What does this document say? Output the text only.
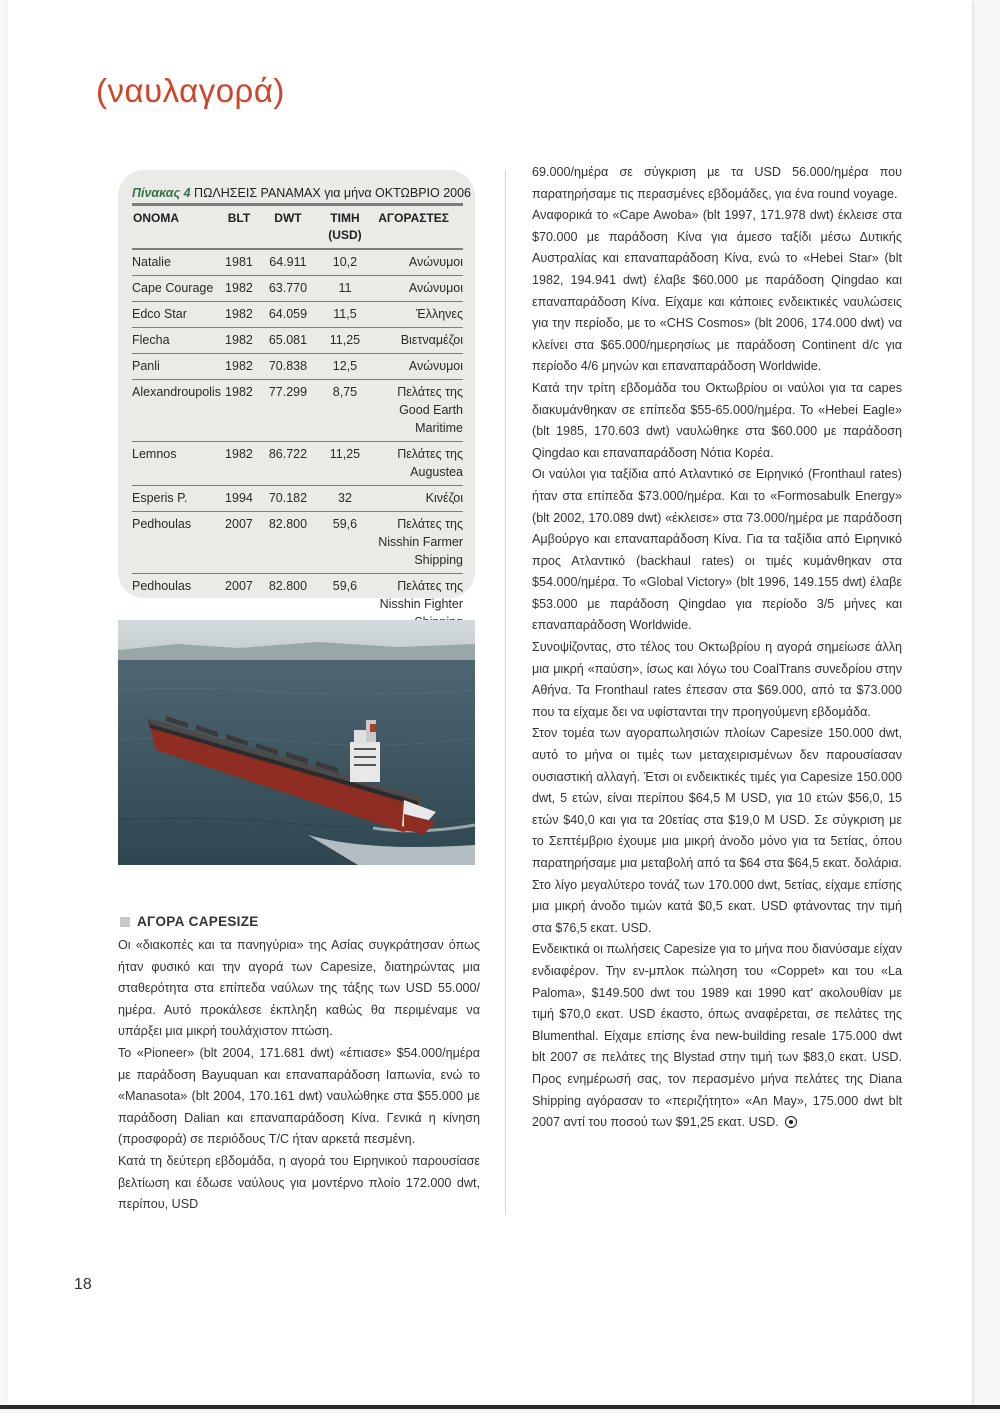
(ναυλαγορά)

Πίνακας 4 ΠΩΛΗΣΕΙΣ PANAMAX για μήνα ΟΚΤΩΒΡΙΟ 2006

ΟΝΟΜΑ	BLT	DWT	ΤΙΜΗ (USD)	ΑΓΟΡΑΣΤΕΣ
Natalie	1981	64.911	10,2	Ανώνυμοι
Cape Courage	1982	63.770	11	Ανώνυμοι
Edco Star	1982	64.059	11,5	Έλληνες
Flecha	1982	65.081	11,25	Βιετναμέζοι
Panli	1982	70.838	12,5	Ανώνυμοι
Alexandroupolis	1982	77.299	8,75	Πελάτες της Good Earth Maritime
Lemnos	1982	86.722	11,25	Πελάτες της Augustea
Esperis P.	1994	70.182	32	Κινέζοι
Pedhoulas	2007	82.800	59,6	Πελάτες της Nisshin Farmer Shipping
Pedhoulas	2007	82.800	59,6	Πελάτες της Nisshin Fighter
ΑΓΟΡΑ CAPESIZE

Οι «διακοπές και τα πανηγύρια» της Ασίας συγκράτησαν όπως ήταν φυσικό και την αγορά των Capesize, διατηρώντας μια σταθερότητα στα επίπεδα ναύλων της τάξης των USD 55.000/ημέρα. Αυτό προκάλεσε έκπληξη καθώς θα περιμέναμε να υπάρξει μια μικρή τουλάχιστον πτώση.

Το «Pioneer» (blt 2004, 171.681 dwt) «έπιασε» $54.000/ημέρα με παράδοση Bayuquan και επαναπαράδοση Ιαπωνία, ενώ το «Manasota» (blt 2004, 170.161 dwt) ναυλώθηκε στα $55.000 με παράδοση Dalian και επαναπαράδοση Κίνα. Γενικά η κίνηση (προσφορά) σε περιόδους T/C ήταν αρκετά πεσμένη.

Κατά τη δεύτερη εβδομάδα, η αγορά του Ειρηνικού παρουσίασε βελτίωση και έδωσε ναύλους για μοντέρνο πλοίο 172.000 dwt, περίπου, USD

69.000/ημέρα σε σύγκριση με τα USD 56.000/ημέρα που παρατηρήσαμε τις περασμένες εβδομάδες, για ένα round voyage.

Αναφορικά το «Cape Awoba» (blt 1997, 171.978 dwt) έκλεισε στα $70.000 με παράδοση Κίνα για άμεσο ταξίδι μέσω Δυτικής Αυστραλίας και επαναπαράδοση Κίνα, ενώ το «Hebei Star» (blt 1982, 194.941 dwt) έλαβε $60.000 με παράδοση Qingdao και επαναπαράδοση Κίνα. Είχαμε και κάποιες ενδεικτικές ναυλώσεις για την περίοδο, με το «CHS Cosmos» (blt 2006, 174.000 dwt) να κλείνει στα $65.000/ημερησίως με παράδοση Continent d/c για περίοδο 4/6 μηνών και επαναπαράδοση Worldwide.

Κατά την τρίτη εβδομάδα του Οκτωβρίου οι ναύλοι για τα capes διακυμάνθηκαν σε επίπεδα $55-65.000/ημέρα. Το «Hebei Eagle» (blt 1985, 170.603 dwt) ναυλώθηκε στα $60.000 με παράδοση Qingdao και επαναπαράδοση Νότια Κορέα.

Οι ναύλοι για ταξίδια από Ατλαντικό σε Ειρηνικό (Fronthaul rates) ήταν στα επίπεδα $73.000/ημέρα. Και το «Formosabulk Energy» (blt 2002, 170.089 dwt) «έκλεισε» στα 73.000/ημέρα με παράδοση Αμβούργο και επαναπαράδοση Κίνα. Για τα ταξίδια από Ειρηνικό προς Ατλαντικό (backhaul rates) οι τιμές κυμάνθηκαν στα $54.000/ημέρα. Το «Global Victory» (blt 1996, 149.155 dwt) έλαβε $53.000 με παράδοση Qingdao για περίοδο 3/5 μήνες και επαναπαράδοση Worldwide.

Συνοψίζοντας, στο τέλος του Οκτωβρίου η αγορά σημείωσε άλλη μια μικρή «παύση», ίσως και λόγω του CoalTrans συνεδρίου στην Αθήνα. Τα Fronthaul rates έπεσαν στα $69.000, από τα $73.000 που τα είχαμε δει να υφίστανται την προηγούμενη εβδομάδα.

Στον τομέα των αγοραπωλησιών πλοίων Capesize 150.000 dwt, αυτό το μήνα οι τιμές των μεταχειρισμένων δεν παρουσίασαν ουσιαστική αλλαγή. Έτσι οι ενδεικτικές τιμές για Capesize 150.000 dwt, 5 ετών, είναι περίπου $64,5 M USD, για 10 ετών $56,0, 15 ετών $40,0 και για τα 20ετίας στα $19,0 M USD. Σε σύγκριση με το Σεπτέμβριο έχουμε μια μικρή άνοδο μόνο για τα 5ετίας, όπου παρατηρήσαμε μια μεταβολή από τα $64 στα $64,5 εκατ. δολάρια. Στο λίγο μεγαλύτερο τονάζ των 170.000 dwt, 5ετίας, είχαμε επίσης μια μικρή άνοδο τιμών κατά $0,5 εκατ. USD φτάνοντας την τιμή στα $76,5 εκατ. USD.

Ενδεικτικά οι πωλήσεις Capesize για το μήνα που διανύσαμε είχαν ενδιαφέρον. Την εν-μπλοκ πώληση του «Coppet» και του «La Paloma», $149.500 dwt του 1989 και 1990 κατ' ακολουθίαν με τιμή $70,0 εκατ. USD έκαστο, όπως αναφέρεται, σε πελάτες της Blumenthal. Είχαμε επίσης ένα new-building resale 175.000 dwt blt 2007 σε πελάτες της Blystad στην τιμή των $83,0 εκατ. USD. Προς ενημέρωσή σας, τον περασμένο μήνα πελάτες της Diana Shipping αγόρασαν το «περιζήτητο» «An May», 175.000 dwt blt 2007 αντί του ποσού των $91,25 εκατ. USD.

18
